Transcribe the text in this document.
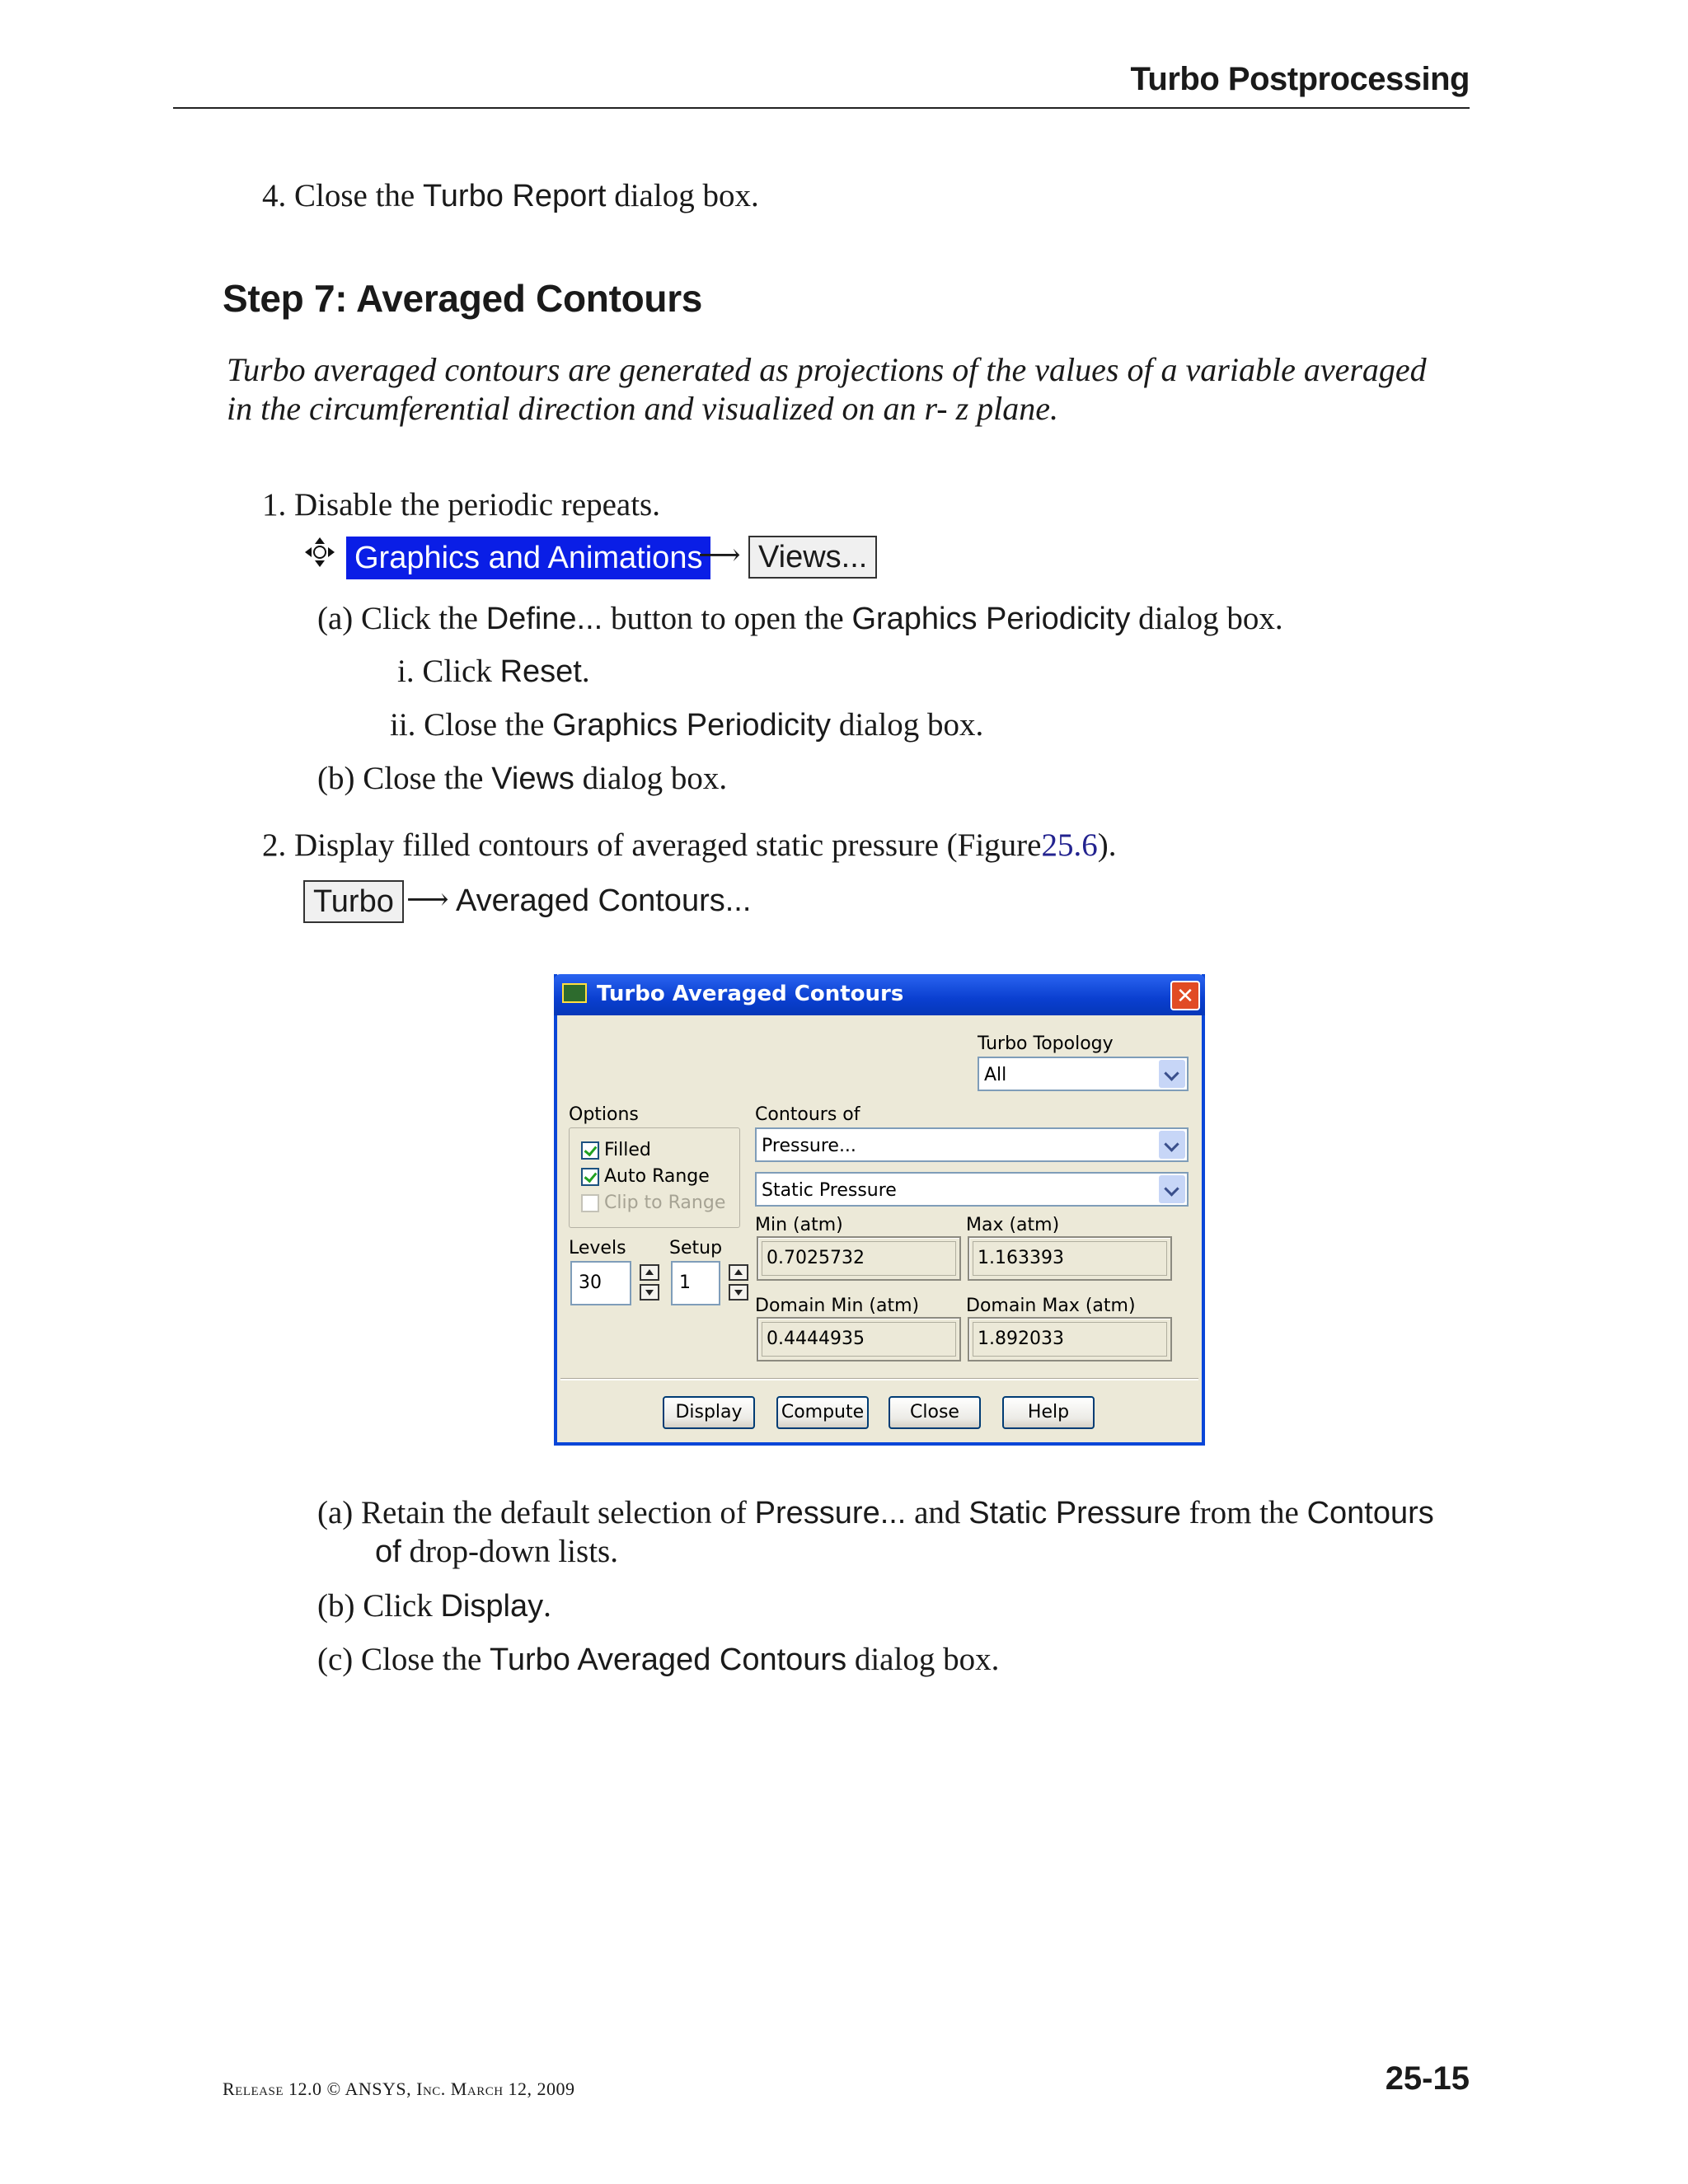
Turbo Postprocessing
4. Close the Turbo Report dialog box.
Step 7: Averaged Contours
Turbo averaged contours are generated as projections of the values of a variable averaged
in the circumferential direction and visualized on an r- z plane.
1. Disable the periodic repeats.
Graphics and Animations
⟶ Views...
(a) Click the Define... button to open the Graphics Periodicity dialog box.
i. Click Reset.
ii. Close the Graphics Periodicity dialog box.
(b) Close the Views dialog box.
2. Display filled contours of averaged static pressure (Figure25.6).
Turbo ⟶ Averaged Contours...
Turbo Averaged Contours	✕
Turbo Topology
All
Options
Filled
Auto Range
Clip to Range
Contours of
Pressure...
Static Pressure
Min (atm)
0.7025732
Max (atm)
1.163393
Levels
30
Setup
1
Domain Min (atm)
0.4444935
Domain Max (atm)
1.892033
Display	Compute	Close	Help
(a) Retain the default selection of Pressure... and Static Pressure from the Contours
of drop-down lists.
(b) Click Display.
(c) Close the Turbo Averaged Contours dialog box.
Release 12.0 © ANSYS, Inc. March 12, 2009	25-15
